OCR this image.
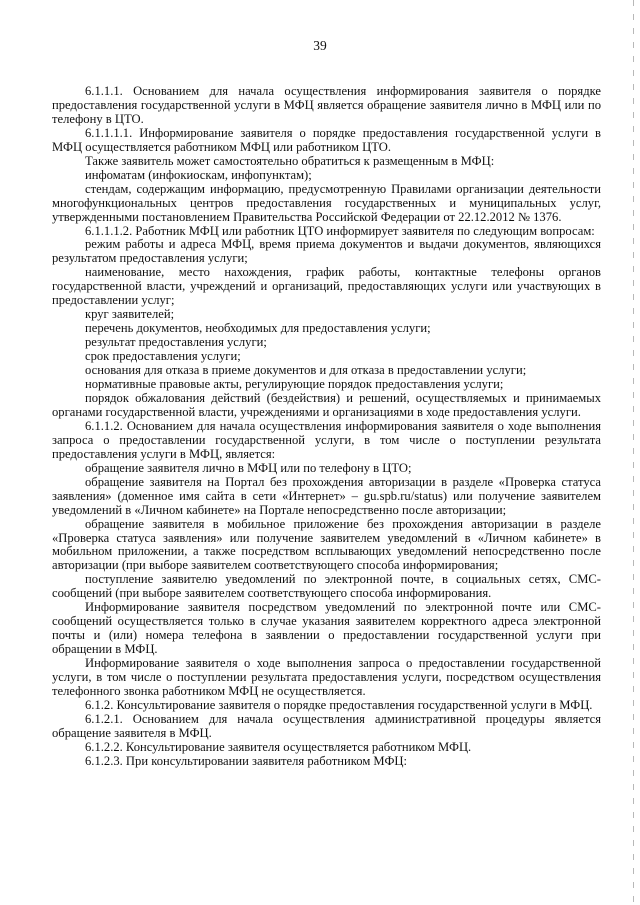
39

6.1.1.1. Основанием для начала осуществления информирования заявителя о порядке предоставления государственной услуги в МФЦ является обращение заявителя лично в МФЦ или по телефону в ЦТО.

6.1.1.1.1. Информирование заявителя о порядке предоставления государственной услуги в МФЦ осуществляется работником МФЦ или работником ЦТО.

Также заявитель может самостоятельно обратиться к размещенным в МФЦ:

инфоматам (инфокиоскам, инфопунктам);

стендам, содержащим информацию, предусмотренную Правилами организации деятельности многофункциональных центров предоставления государственных и муниципальных услуг, утвержденными постановлением Правительства Российской Федерации от 22.12.2012 № 1376.

6.1.1.1.2. Работник МФЦ или работник ЦТО информирует заявителя по следующим вопросам:

режим работы и адреса МФЦ, время приема документов и выдачи документов, являющихся результатом предоставления услуги;

наименование, место нахождения, график работы, контактные телефоны органов государственной власти, учреждений и организаций, предоставляющих услуги или участвующих в предоставлении услуг;

круг заявителей;

перечень документов, необходимых для предоставления услуги;

результат предоставления услуги;

срок предоставления услуги;

основания для отказа в приеме документов и для отказа в предоставлении услуги;

нормативные правовые акты, регулирующие порядок предоставления услуги;

порядок обжалования действий (бездействия) и решений, осуществляемых и принимаемых органами государственной власти, учреждениями и организациями в ходе предоставления услуги.

6.1.1.2. Основанием для начала осуществления информирования заявителя о ходе выполнения запроса о предоставлении государственной услуги, в том числе о поступлении результата предоставления услуги в МФЦ, является:

обращение заявителя лично в МФЦ или по телефону в ЦТО;

обращение заявителя на Портал без прохождения авторизации в разделе «Проверка статуса заявления» (доменное имя сайта в сети «Интернет» – gu.spb.ru/status) или получение заявителем уведомлений в «Личном кабинете» на Портале непосредственно после авторизации;

обращение заявителя в мобильное приложение без прохождения авторизации в разделе «Проверка статуса заявления» или получение заявителем уведомлений в «Личном кабинете» в мобильном приложении, а также посредством всплывающих уведомлений непосредственно после авторизации (при выборе заявителем соответствующего способа информирования;

поступление заявителю уведомлений по электронной почте, в социальных сетях, СМС-сообщений (при выборе заявителем соответствующего способа информирования.

Информирование заявителя посредством уведомлений по электронной почте или СМС-сообщений осуществляется только в случае указания заявителем корректного адреса электронной почты и (или) номера телефона в заявлении о предоставлении государственной услуги при обращении в МФЦ.

Информирование заявителя о ходе выполнения запроса о предоставлении государственной услуги, в том числе о поступлении результата предоставления услуги, посредством осуществления телефонного звонка работником МФЦ не осуществляется.

6.1.2. Консультирование заявителя о порядке предоставления государственной услуги в МФЦ.

6.1.2.1. Основанием для начала осуществления административной процедуры является обращение заявителя в МФЦ.

6.1.2.2. Консультирование заявителя осуществляется работником МФЦ.

6.1.2.3. При консультировании заявителя работником МФЦ:
